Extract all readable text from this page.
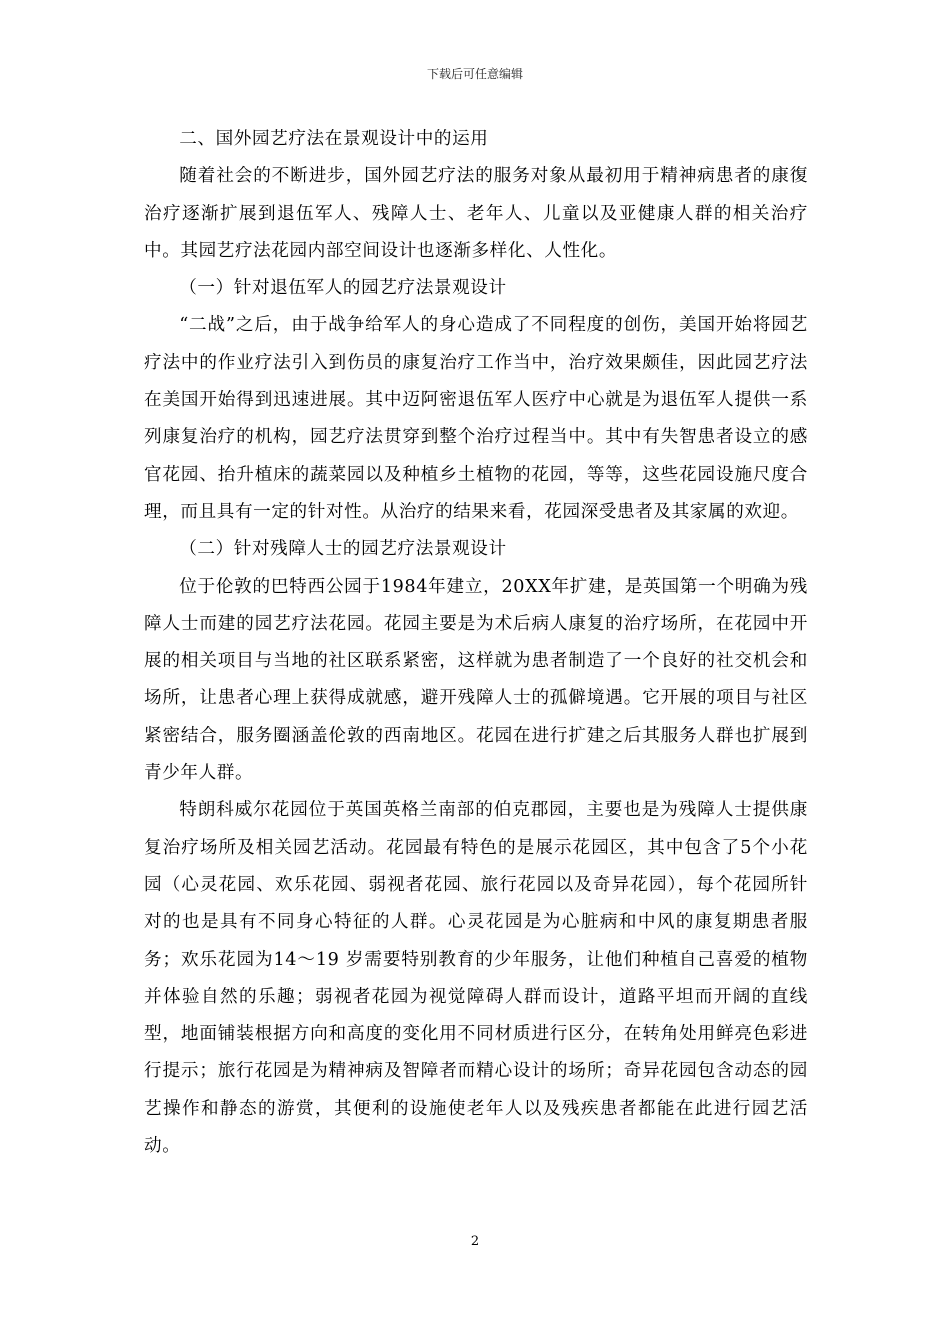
下载后可任意编辑

二、国外园艺疗法在景观设计中的运用

随着社会的不断进步，国外园艺疗法的服务对象从最初用于精神病患者的康復治疗逐渐扩展到退伍军人、残障人士、老年人、儿童以及亚健康人群的相关治疗中。其园艺疗法花园内部空间设计也逐渐多样化、人性化。

（一）针对退伍军人的园艺疗法景观设计

“二战”之后，由于战争给军人的身心造成了不同程度的创伤，美国开始将园艺疗法中的作业疗法引入到伤员的康复治疗工作当中，治疗效果颇佳，因此园艺疗法在美国开始得到迅速进展。其中迈阿密退伍军人医疗中心就是为退伍军人提供一系列康复治疗的机构，园艺疗法贯穿到整个治疗过程当中。其中有失智患者设立的感官花园、抬升植床的蔬菜园以及种植乡土植物的花园，等等，这些花园设施尺度合理，而且具有一定的针对性。从治疗的结果来看，花园深受患者及其家属的欢迎。

（二）针对残障人士的园艺疗法景观设计

位于伦敦的巴特西公园于1984年建立，20XX年扩建，是英国第一个明确为残障人士而建的园艺疗法花园。花园主要是为术后病人康复的治疗场所，在花园中开展的相关项目与当地的社区联系紧密，这样就为患者制造了一个良好的社交机会和场所，让患者心理上获得成就感，避开残障人士的孤僻境遇。它开展的项目与社区紧密结合，服务圈涵盖伦敦的西南地区。花园在进行扩建之后其服务人群也扩展到青少年人群。

特朗科威尔花园位于英国英格兰南部的伯克郡园，主要也是为残障人士提供康复治疗场所及相关园艺活动。花园最有特色的是展示花园区，其中包含了5个小花园（心灵花园、欢乐花园、弱视者花园、旅行花园以及奇异花园），每个花园所针对的也是具有不同身心特征的人群。心灵花园是为心脏病和中风的康复期患者服务；欢乐花园为14～19 岁需要特别教育的少年服务，让他们种植自己喜爱的植物并体验自然的乐趣；弱视者花园为视觉障碍人群而设计，道路平坦而开阔的直线型，地面铺装根据方向和高度的变化用不同材质进行区分，在转角处用鲜亮色彩进行提示；旅行花园是为精神病及智障者而精心设计的场所；奇异花园包含动态的园艺操作和静态的游赏，其便利的设施使老年人以及残疾患者都能在此进行园艺活动。

2
